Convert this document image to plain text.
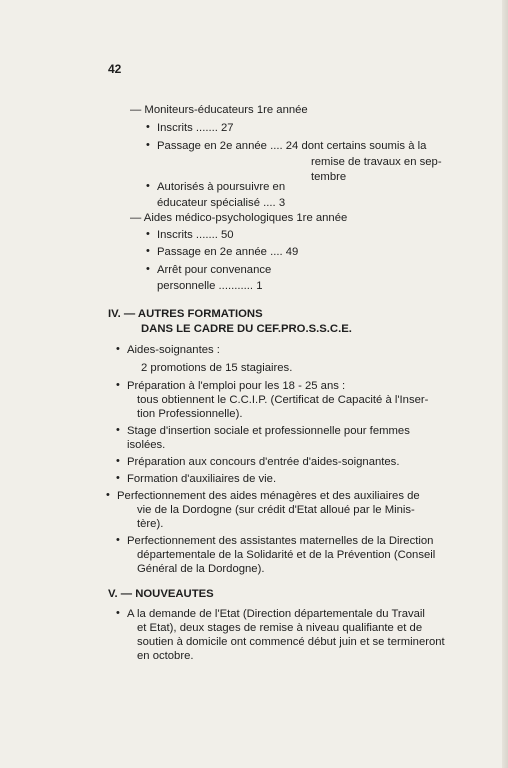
42
— Moniteurs-éducateurs 1re année
Inscrits ....... 27
•
Passage en 2e année .... 24 dont certains soumis à la
•
remise de travaux en sep-
tembre
Autorisés à poursuivre en
•
éducateur spécialisé .... 3
— Aides médico-psychologiques 1re année
Inscrits ....... 50
•
Passage en 2e année .... 49
•
Arrêt pour convenance
•
personnelle ........... 1
IV. — AUTRES FORMATIONS
DANS LE CADRE DU CEF.PRO.S.S.C.E.
Aides-soignantes :
•
2 promotions de 15 stagiaires.
Préparation à l'emploi pour les 18 - 25 ans :
•
tous obtiennent le C.C.I.P. (Certificat de Capacité à l'Inser-
tion Professionnelle).
Stage d'insertion sociale et professionnelle pour femmes
•
isolées.
Préparation aux concours d'entrée d'aides-soignantes.
•
Formation d'auxiliaires de vie.
•
Perfectionnement des aides ménagères et des auxiliaires de
•
vie de la Dordogne (sur crédit d'Etat alloué par le Minis-
tère).
Perfectionnement des assistantes maternelles de la Direction
•
départementale de la Solidarité et de la Prévention (Conseil
Général de la Dordogne).
V. — NOUVEAUTES
A la demande de l'Etat (Direction départementale du Travail
•
et Etat), deux stages de remise à niveau qualifiante et de
soutien à domicile ont commencé début juin et se termineront
en octobre.
